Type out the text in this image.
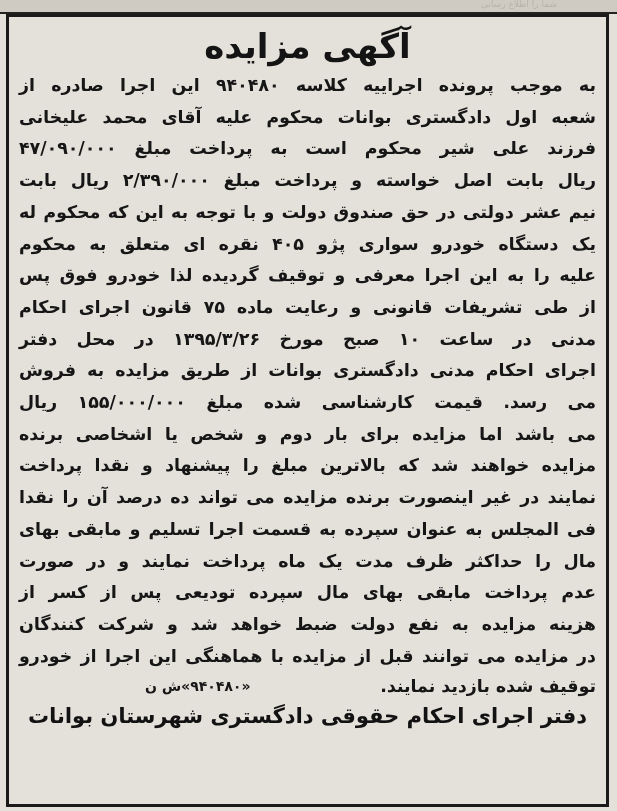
شما را اطلاع رسانی
آگهی مزایده
به موجب پرونده اجراییه کلاسه ۹۴۰۴۸۰ این اجرا صادره از
شعبه اول دادگستری بوانات محکوم علیه آقای محمد علیخانی
فرزند علی شیر محکوم است به پرداخت مبلغ ۴۷/۰۹۰/۰۰۰
ریال بابت اصل خواسته و پرداخت مبلغ ۲/۳۹۰/۰۰۰ ریال بابت
نیم عشر دولتی در حق صندوق دولت و با توجه به این که محکوم له
یک دستگاه خودرو سواری پژو ۴۰۵ نقره ای متعلق به محکوم
علیه را به این اجرا معرفی و توقیف گردیده لذا خودرو فوق پس
از طی تشریفات قانونی و رعایت ماده ۷۵ قانون اجرای احکام
مدنی در ساعت ۱۰ صبح مورخ ۱۳۹۵/۳/۲۶ در محل دفتر
اجرای احکام مدنی دادگستری بوانات از طریق مزایده به فروش
می رسد. قیمت کارشناسی شده مبلغ ۱۵۵/۰۰۰/۰۰۰ ریال
می باشد اما مزایده برای بار دوم و شخص یا اشخاصی برنده
مزایده خواهند شد که بالاترین مبلغ را پیشنهاد و نقدا پرداخت
نمایند در غیر اینصورت برنده مزایده می تواند ده درصد آن را نقدا
فی المجلس به عنوان سپرده به قسمت اجرا تسلیم و مابقی بهای
مال را حداکثر ظرف مدت یک ماه پرداخت نمایند و در صورت
عدم پرداخت مابقی بهای مال سپرده تودیعی پس از کسر از
هزینه مزایده به نفع دولت ضبط خواهد شد و شرکت کنندگان
در مزایده می توانند قبل از مزایده با هماهنگی این اجرا از خودرو
توقیف شده بازدید نمایند.
«۹۴۰۴۸۰»ش ن
دفتر اجرای احکام حقوقی دادگستری شهرستان بوانات
